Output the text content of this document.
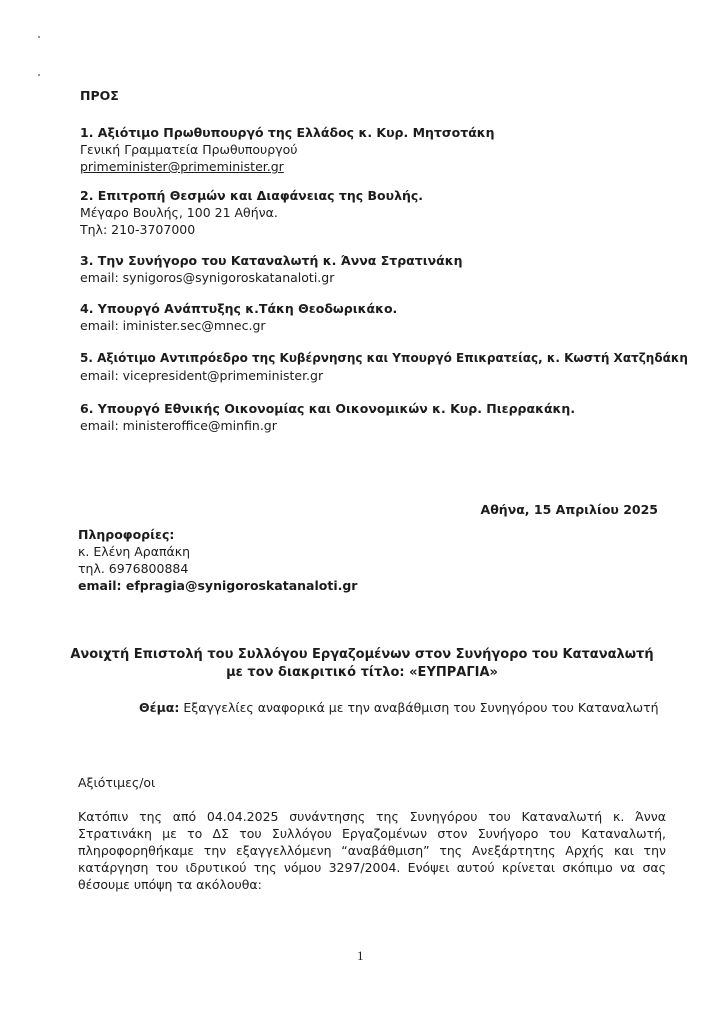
ΠΡΟΣ
1. Αξιότιμο Πρωθυπουργό της Ελλάδος κ. Κυρ. Μητσοτάκη
Γενική Γραμματεία Πρωθυπουργού
primeminister@primeminister.gr
2. Επιτροπή Θεσμών και Διαφάνειας της Βουλής.
Μέγαρο Βουλής, 100 21 Αθήνα.
Τηλ: 210-3707000
3. Την Συνήγορο του Καταναλωτή κ. Άννα Στρατινάκη
email: synigoros@synigoroskatanaloti.gr
4. Υπουργό Ανάπτυξης κ.Τάκη Θεοδωρικάκο.
email: iminister.sec@mnec.gr
5. Αξιότιμο Αντιπρόεδρο της Κυβέρνησης και Υπουργό Επικρατείας, κ. Κωστή Χατζηδάκη
email: vicepresident@primeminister.gr
6. Υπουργό Εθνικής Οικονομίας και Οικονομικών κ. Κυρ. Πιερρακάκη.
email: ministeroffice@minfin.gr
Αθήνα, 15 Απριλίου 2025
Πληροφορίες:
κ. Ελένη Αραπάκη
τηλ. 6976800884
email: efpragia@synigoroskatanaloti.gr
Ανοιχτή Επιστολή του Συλλόγου Εργαζομένων στον Συνήγορο του Καταναλωτή
με τον διακριτικό τίτλο: «ΕΥΠΡΑΓΙΑ»
Θέμα: Εξαγγελίες αναφορικά με την αναβάθμιση του Συνηγόρου του Καταναλωτή
Αξιότιμες/οι
Κατόπιν της από 04.04.2025 συνάντησης της Συνηγόρου του Καταναλωτή κ. Άννα Στρατινάκη με το ΔΣ του Συλλόγου Εργαζομένων στον Συνήγορο του Καταναλωτή, πληροφορηθήκαμε την εξαγγελλόμενη “αναβάθμιση” της Ανεξάρτητης Αρχής και την κατάργηση του ιδρυτικού της νόμου 3297/2004. Ενόψει αυτού κρίνεται σκόπιμο να σας θέσουμε υπόψη τα ακόλουθα:
1
